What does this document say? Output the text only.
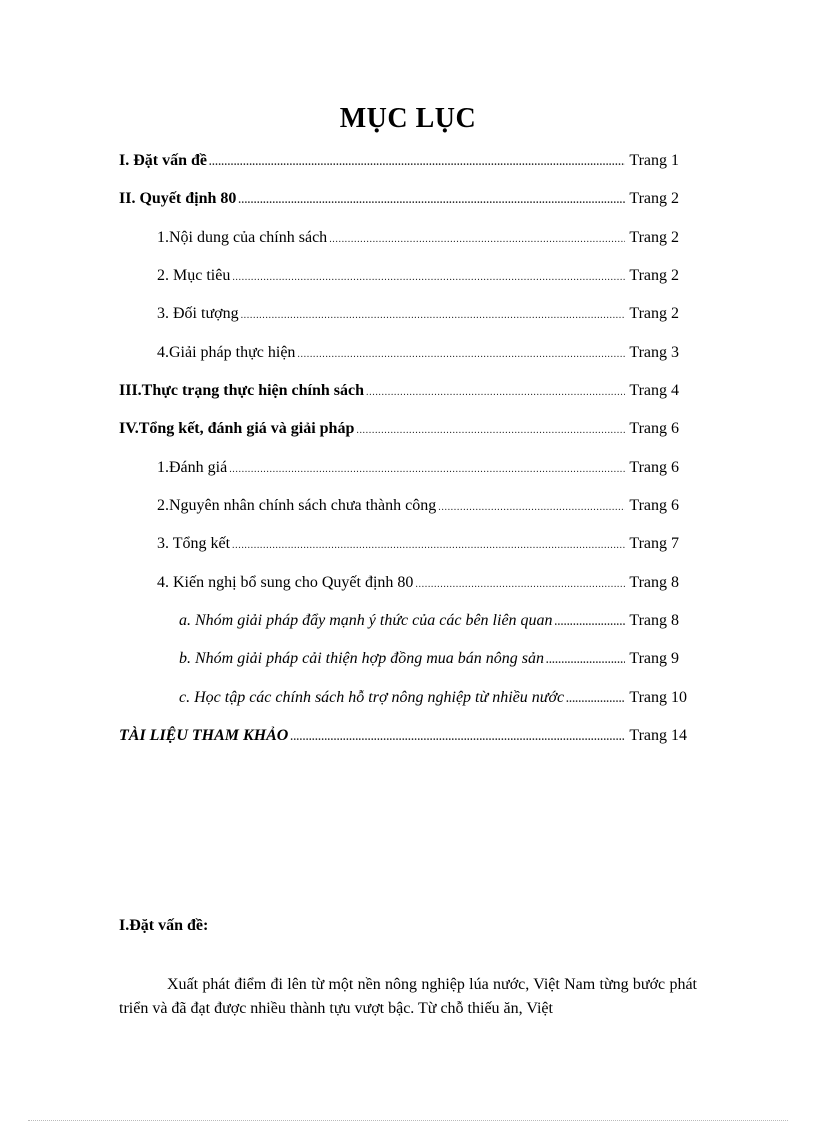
MỤC LỤC
I. Đặt vấn đề .....	Trang 1
II. Quyết định 80 .....	Trang 2
1.Nội dung của chính sách .....	Trang 2
2. Mục tiêu .....	Trang 2
3. Đối tượng .....	Trang 2
4.Giải pháp thực hiện .....	Trang 3
III.Thực trạng thực hiện chính sách .....	Trang 4
IV.Tổng kết, đánh giá và giải pháp .....	Trang 6
1.Đánh giá .....	Trang 6
2.Nguyên nhân chính sách chưa thành công .....	Trang 6
3. Tổng kết .....	Trang 7
4. Kiến nghị bổ sung cho Quyết định 80 .....	Trang 8
a. Nhóm giải pháp đẩy mạnh ý thức của các bên liên quan .....	Trang 8
b. Nhóm giải pháp cải thiện hợp đồng mua bán nông sản .....	Trang 9
c. Học tập các chính sách hỗ trợ nông nghiệp từ nhiều nước .....	Trang 10
TÀI LIỆU THAM KHẢO .....	Trang 14
I.Đặt vấn đề:

Xuất phát điểm đi lên từ một nền nông nghiệp lúa nước, Việt Nam từng bước phát triển và đã đạt được nhiều thành tựu vượt bậc. Từ chỗ thiếu ăn, Việt
